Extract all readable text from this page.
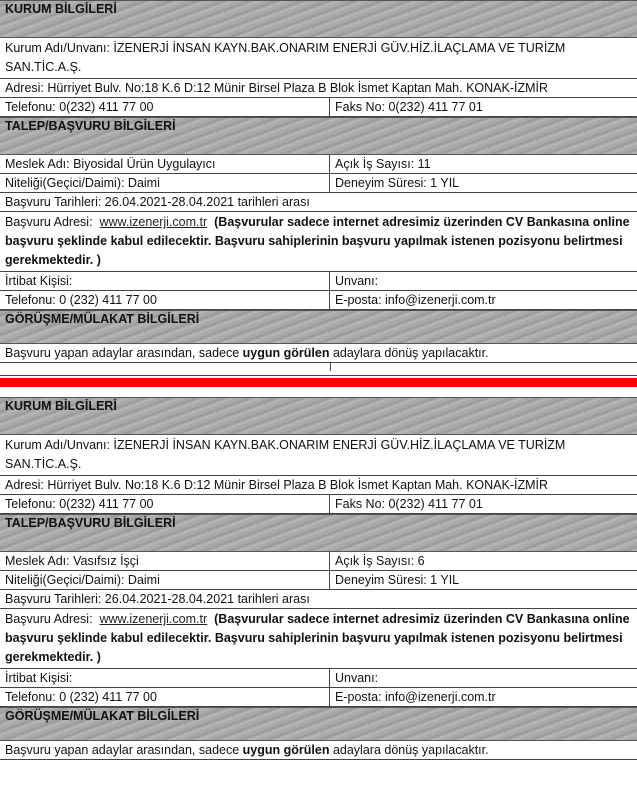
KURUM BİLGİLERİ
Kurum Adı/Unvanı: İZENERJİ İNSAN KAYN.BAK.ONARIM ENERJİ GÜV.HİZ.İLAÇLAMA VE TURİZM SAN.TİC.A.Ş.
Adresi: Hürriyet Bulv. No:18 K.6 D:12 Münir Birsel Plaza B Blok İsmet Kaptan Mah. KONAK-İZMİR
Telefonu: 0(232) 411 77 00	Faks No: 0(232) 411 77 01
TALEP/BAŞVURU BİLGİLERİ
Meslek Adı: Biyosidal Ürün Uygulayıcı	Açık İş Sayısı: 11
Niteliği(Geçici/Daimi): Daimi	Deneyim Süresi: 1 YIL
Başvuru Tarihleri: 26.04.2021-28.04.2021 tarihleri arası
Başvuru Adresi: www.izenerji.com.tr (Başvurular sadece internet adresimiz üzerinden CV Bankasına online başvuru şeklinde kabul edilecektir. Başvuru sahiplerinin başvuru yapılmak istenen pozisyonu belirtmesi gerekmektedir. )
İrtibat Kişisi:	Unvanı:
Telefonu: 0 (232) 411 77 00	E-posta: info@izenerji.com.tr
GÖRÜŞME/MÜLAKAT BİLGİLERİ
Başvuru yapan adaylar arasından, sadece uygun görülen adaylara dönüş yapılacaktır.
KURUM BİLGİLERİ
Kurum Adı/Unvanı: İZENERJİ İNSAN KAYN.BAK.ONARIM ENERJİ GÜV.HİZ.İLAÇLAMA VE TURİZM SAN.TİC.A.Ş.
Adresi: Hürriyet Bulv. No:18 K.6 D:12 Münir Birsel Plaza B Blok İsmet Kaptan Mah. KONAK-İZMİR
Telefonu: 0(232) 411 77 00	Faks No: 0(232) 411 77 01
TALEP/BAŞVURU BİLGİLERİ
Meslek Adı: Vasıfsız İşçi	Açık İş Sayısı: 6
Niteliği(Geçici/Daimi): Daimi	Deneyim Süresi: 1 YIL
Başvuru Tarihleri: 26.04.2021-28.04.2021 tarihleri arası
Başvuru Adresi: www.izenerji.com.tr (Başvurular sadece internet adresimiz üzerinden CV Bankasına online başvuru şeklinde kabul edilecektir. Başvuru sahiplerinin başvuru yapılmak istenen pozisyonu belirtmesi gerekmektedir. )
İrtibat Kişisi:	Unvanı:
Telefonu: 0 (232) 411 77 00	E-posta: info@izenerji.com.tr
GÖRÜŞME/MÜLAKAT BİLGİLERİ
Başvuru yapan adaylar arasından, sadece uygun görülen adaylara dönüş yapılacaktır.
